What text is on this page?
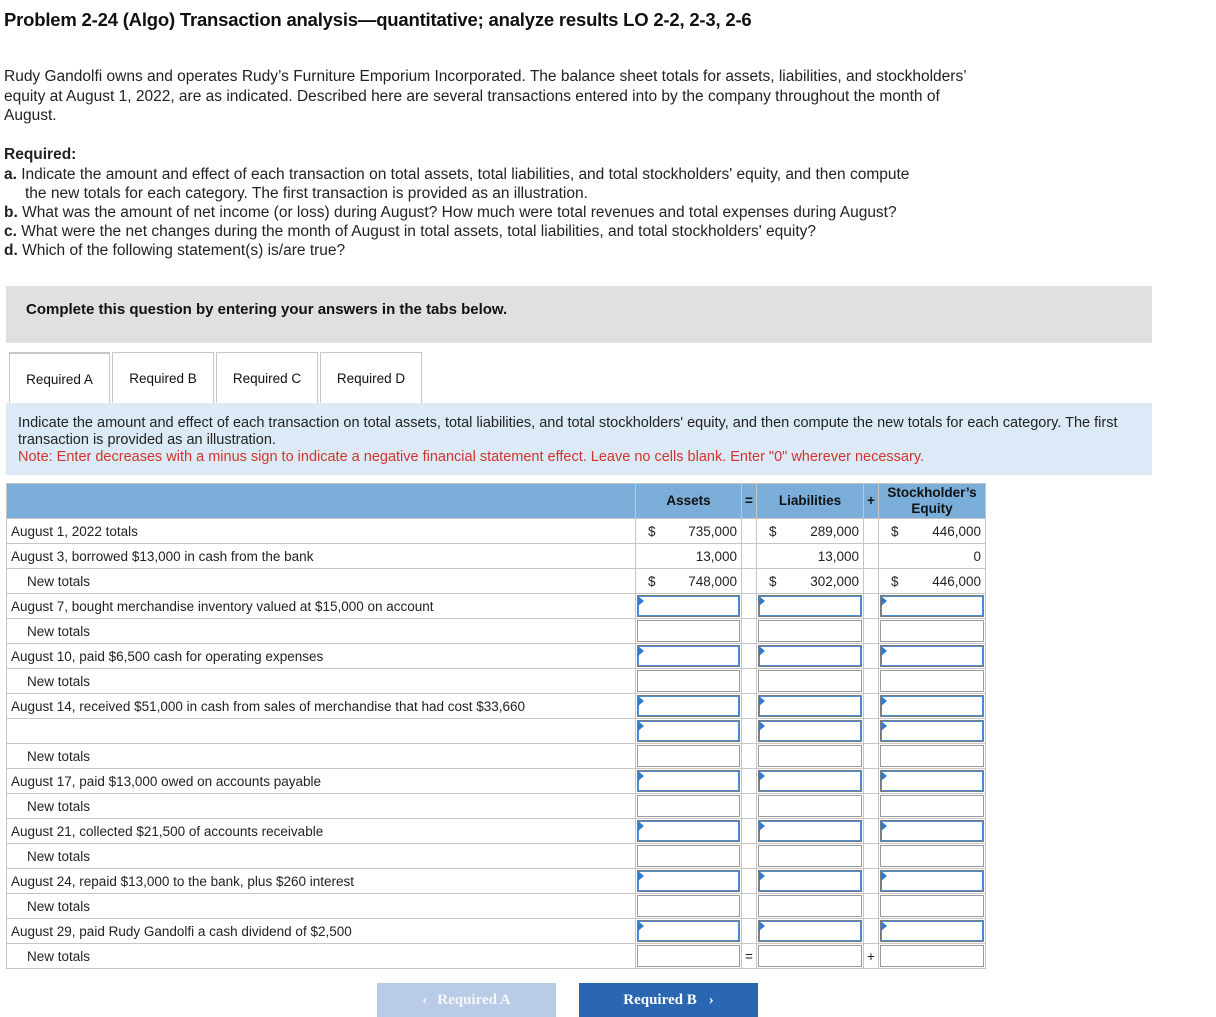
Problem 2-24 (Algo) Transaction analysis—quantitative; analyze results LO 2-2, 2-3, 2-6
Rudy Gandolfi owns and operates Rudy’s Furniture Emporium Incorporated. The balance sheet totals for assets, liabilities, and stockholders’ equity at August 1, 2022, are as indicated. Described here are several transactions entered into by the company throughout the month of August.
Required:
a. Indicate the amount and effect of each transaction on total assets, total liabilities, and total stockholders' equity, and then compute
the new totals for each category. The first transaction is provided as an illustration.
b. What was the amount of net income (or loss) during August? How much were total revenues and total expenses during August?
c. What were the net changes during the month of August in total assets, total liabilities, and total stockholders' equity?
d. Which of the following statement(s) is/are true?
Complete this question by entering your answers in the tabs below.
Required A	Required B	Required C	Required D
Indicate the amount and effect of each transaction on total assets, total liabilities, and total stockholders' equity, and then compute the new totals for each category. The first transaction is provided as an illustration.
Note: Enter decreases with a minus sign to indicate a negative financial statement effect. Leave no cells blank. Enter "0" wherever necessary.
	Assets	=	Liabilities	+	Stockholder’s Equity

August 1, 2022 totals	$ 735,000		$ 289,000		$ 446,000

August 3, borrowed $13,000 in cash from the bank	13,000		13,000		0

New totals	$ 748,000		$ 302,000		$ 446,000

August 7, bought merchandise inventory valued at $15,000 on account					

New totals					

August 10, paid $6,500 cash for operating expenses					

New totals					

August 14, received $51,000 in cash from sales of merchandise that had cost $33,660					

New totals					

August 17, paid $13,000 owed on accounts payable					

New totals					

August 21, collected $21,500 of accounts receivable					

New totals					

August 24, repaid $13,000 to the bank, plus $260 interest					

New totals					

August 29, paid Rudy Gandolfi a cash dividend of $2,500					

New totals		=		+	
‹ Required A	Required B ›
